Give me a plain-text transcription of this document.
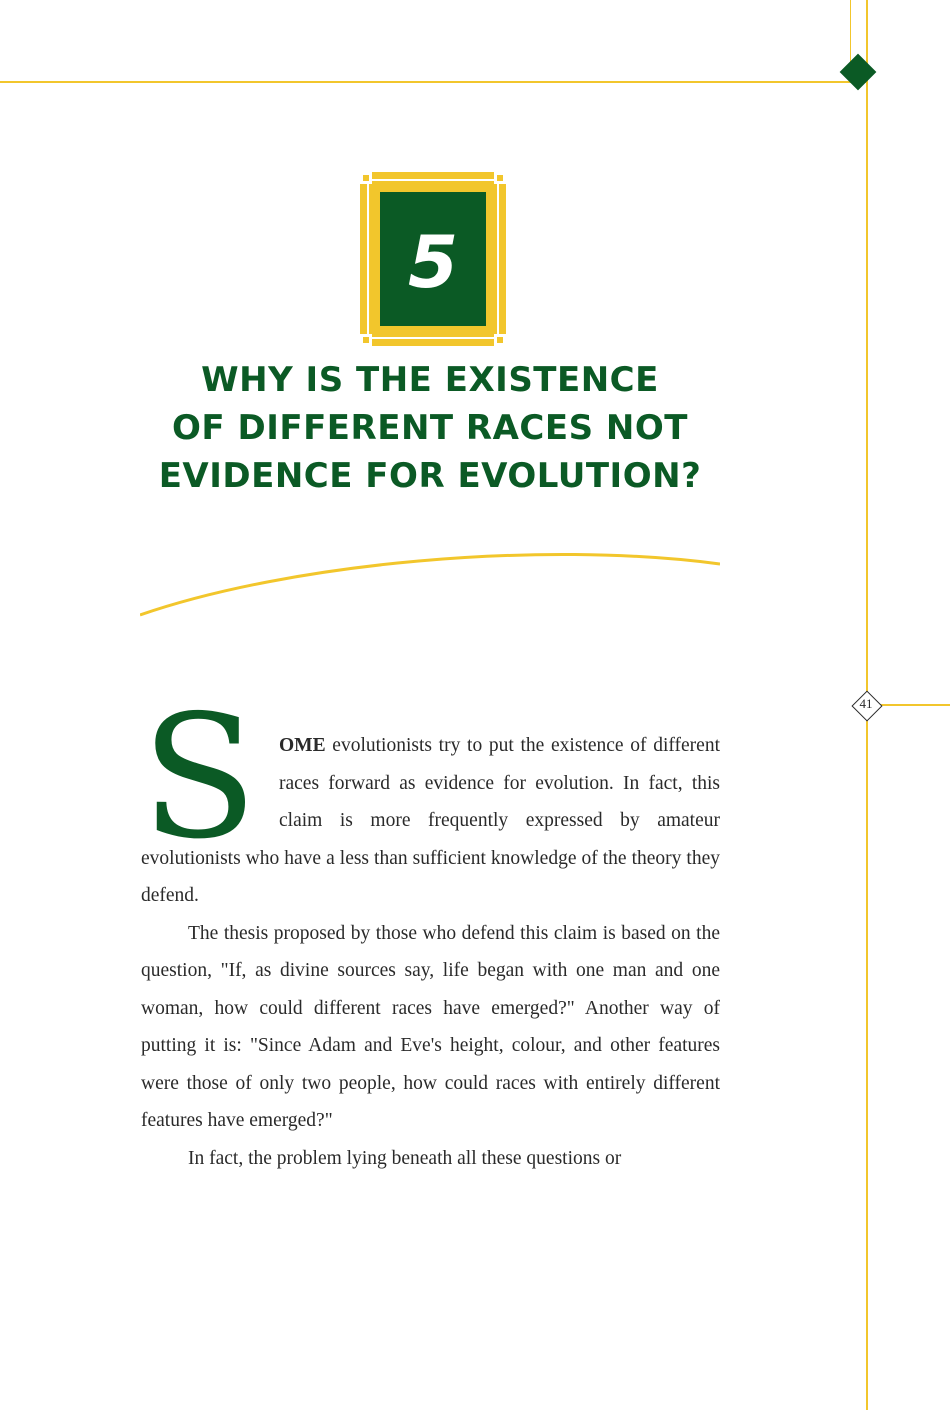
41
5
WHY IS THE EXISTENCE
OF DIFFERENT RACES NOT
EVIDENCE FOR EVOLUTION?

S	OME evolutionists try to put the existence of different races forward as evidence for evolution. In fact, this claim is more frequently expressed by amateur evolutionists who have a less than sufficient knowledge of the theory they defend.

The thesis proposed by those who defend this claim is based on the question, "If, as divine sources say, life began with one man and one woman, how could different races have emerged?" Another way of putting it is: "Since Adam and Eve's height, colour, and other features were those of only two people, how could races with entirely different features have emerged?"

In fact, the problem lying beneath all these questions or
